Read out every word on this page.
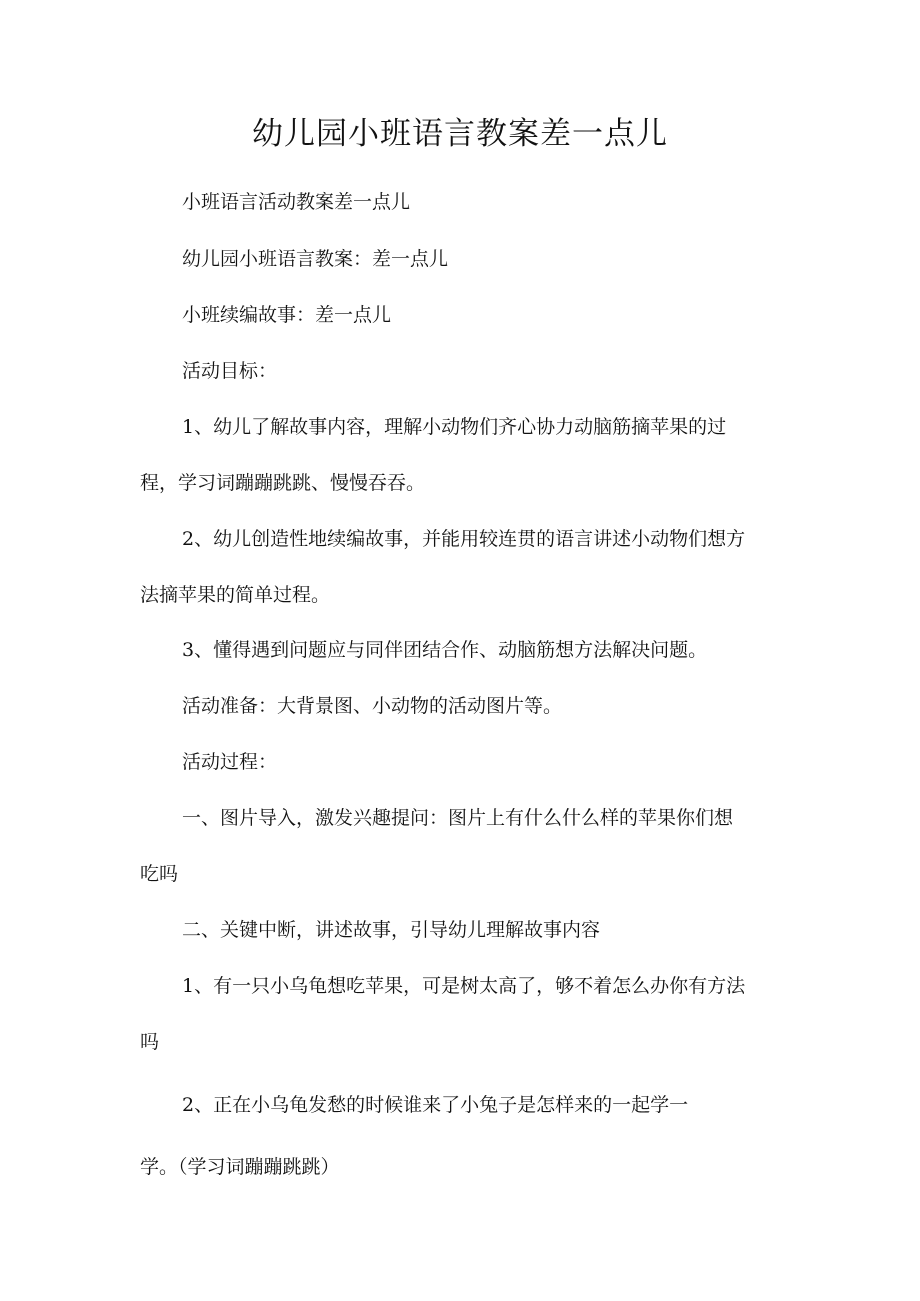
幼儿园小班语言教案差一点儿

小班语言活动教案差一点儿

幼儿园小班语言教案：差一点儿

小班续编故事：差一点儿

活动目标：

1、幼儿了解故事内容，理解小动物们齐心协力动脑筋摘苹果的过

程，学习词蹦蹦跳跳、慢慢吞吞。

2、幼儿创造性地续编故事，并能用较连贯的语言讲述小动物们想方

法摘苹果的简单过程。

3、懂得遇到问题应与同伴团结合作、动脑筋想方法解决问题。

活动准备：大背景图、小动物的活动图片等。

活动过程：

一、图片导入，激发兴趣提问：图片上有什么什么样的苹果你们想

吃吗

二、关键中断，讲述故事，引导幼儿理解故事内容

1、有一只小乌龟想吃苹果，可是树太高了，够不着怎么办你有方法

吗

2、正在小乌龟发愁的时候谁来了小兔子是怎样来的一起学一

学。（学习词蹦蹦跳跳）
